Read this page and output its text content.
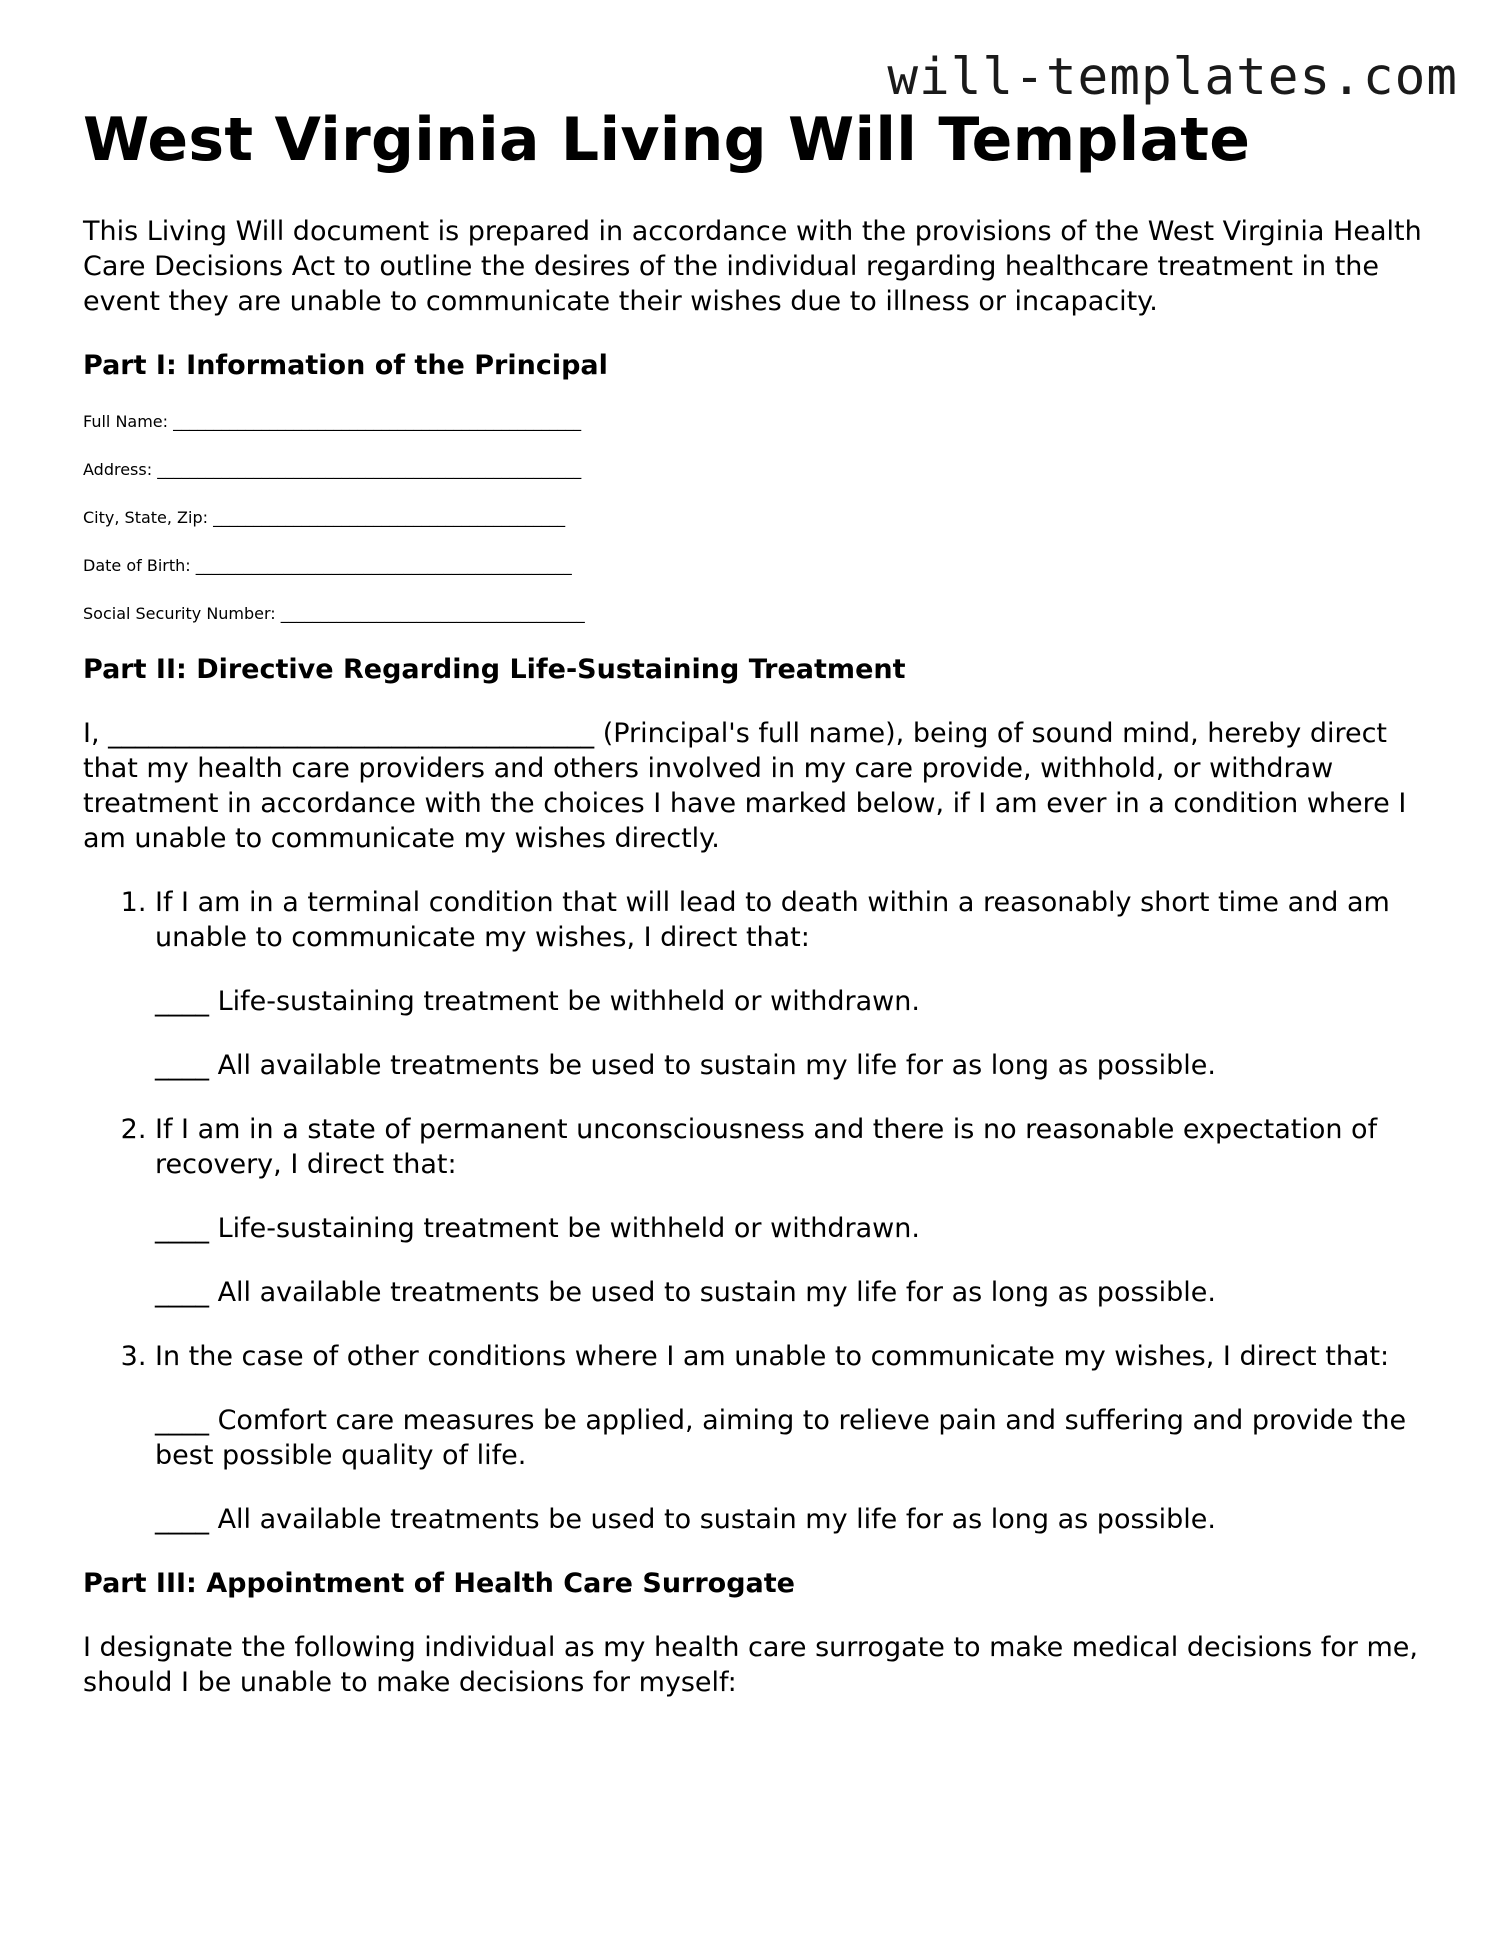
will-templates.com
West Virginia Living Will Template

This Living Will document is prepared in accordance with the provisions of the West Virginia Health Care Decisions Act to outline the desires of the individual regarding healthcare treatment in the event they are unable to communicate their wishes due to illness or incapacity.

Part I: Information of the Principal
Full Name: ___________________________________________________
Address: _____________________________________________________
City, State, Zip: ____________________________________________
Date of Birth: _______________________________________________
Social Security Number: ______________________________________
Part II: Directive Regarding Life-Sustaining Treatment

I, ____________________________________ (Principal's full name), being of sound mind, hereby direct that my health care providers and others involved in my care provide, withhold, or withdraw treatment in accordance with the choices I have marked below, if I am ever in a condition where I am unable to communicate my wishes directly.

1. If I am in a terminal condition that will lead to death within a reasonably short time and am unable to communicate my wishes, I direct that:
____ Life-sustaining treatment be withheld or withdrawn.
____ All available treatments be used to sustain my life for as long as possible.
2. If I am in a state of permanent unconsciousness and there is no reasonable expectation of recovery, I direct that:
____ Life-sustaining treatment be withheld or withdrawn.
____ All available treatments be used to sustain my life for as long as possible.
3. In the case of other conditions where I am unable to communicate my wishes, I direct that:
____ Comfort care measures be applied, aiming to relieve pain and suffering and provide the best possible quality of life.
____ All available treatments be used to sustain my life for as long as possible.
Part III: Appointment of Health Care Surrogate

I designate the following individual as my health care surrogate to make medical decisions for me, should I be unable to make decisions for myself:
